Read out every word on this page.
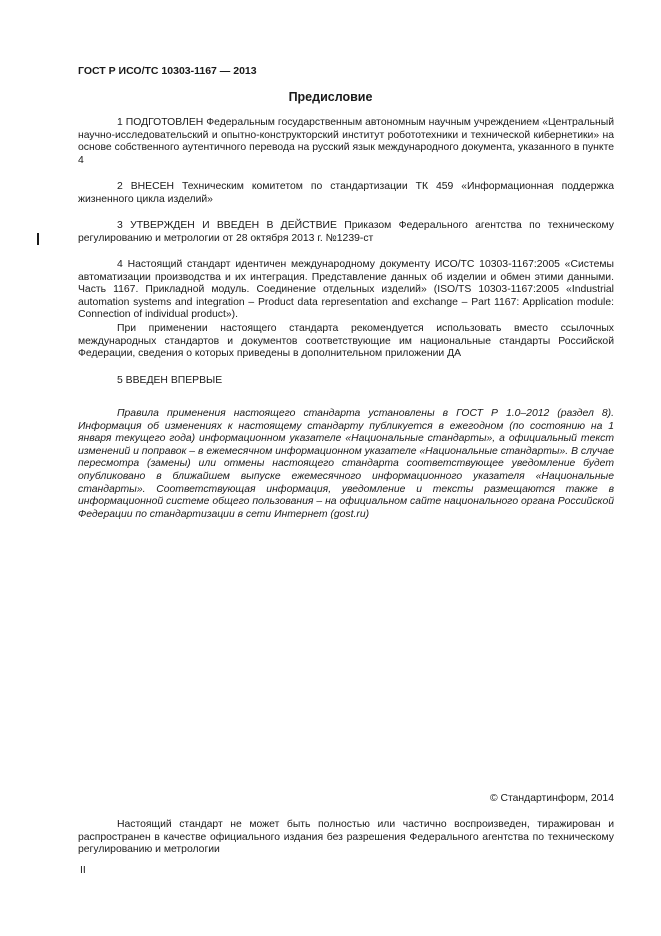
ГОСТ Р ИСО/ТС 10303-1167 — 2013
Предисловие

1 ПОДГОТОВЛЕН Федеральным государственным автономным научным учреждением «Центральный научно-исследовательский и опытно-конструкторский институт робототехники и технической кибернетики» на основе собственного аутентичного перевода на русский язык международного документа, указанного в пункте 4

2 ВНЕСЕН Техническим комитетом по стандартизации ТК 459 «Информационная поддержка жизненного цикла изделий»

3 УТВЕРЖДЕН И ВВЕДЕН В ДЕЙСТВИЕ Приказом Федерального агентства по техническому регулированию и метрологии от 28 октября 2013 г. №1239-ст

4 Настоящий стандарт идентичен международному документу ИСО/ТС 10303-1167:2005 «Системы автоматизации производства и их интеграция. Представление данных об изделии и обмен этими данными. Часть 1167. Прикладной модуль. Соединение отдельных изделий» (ISO/TS 10303-1167:2005 «Industrial automation systems and integration – Product data representation and exchange – Part 1167: Application module: Connection of individual product»).

При применении настоящего стандарта рекомендуется использовать вместо ссылочных международных стандартов и документов соответствующие им национальные стандарты Российской Федерации, сведения о которых приведены в дополнительном приложении ДА

5 ВВЕДЕН ВПЕРВЫЕ

Правила применения настоящего стандарта установлены в ГОСТ Р 1.0–2012 (раздел 8). Информация об изменениях к настоящему стандарту публикуется в ежегодном (по состоянию на 1 января текущего года) информационном указателе «Национальные стандарты», а официальный текст изменений и поправок – в ежемесячном информационном указателе «Национальные стандарты». В случае пересмотра (замены) или отмены настоящего стандарта соответствующее уведомление будет опубликовано в ближайшем выпуске ежемесячного информационного указателя «Национальные стандарты». Соответствующая информация, уведомление и тексты размещаются также в информационной системе общего пользования – на официальном сайте национального органа Российской Федерации по стандартизации в сети Интернет (gost.ru)

© Стандартинформ, 2014

Настоящий стандарт не может быть полностью или частично воспроизведен, тиражирован и распространен в качестве официального издания без разрешения Федерального агентства по техническому регулированию и метрологии

II
